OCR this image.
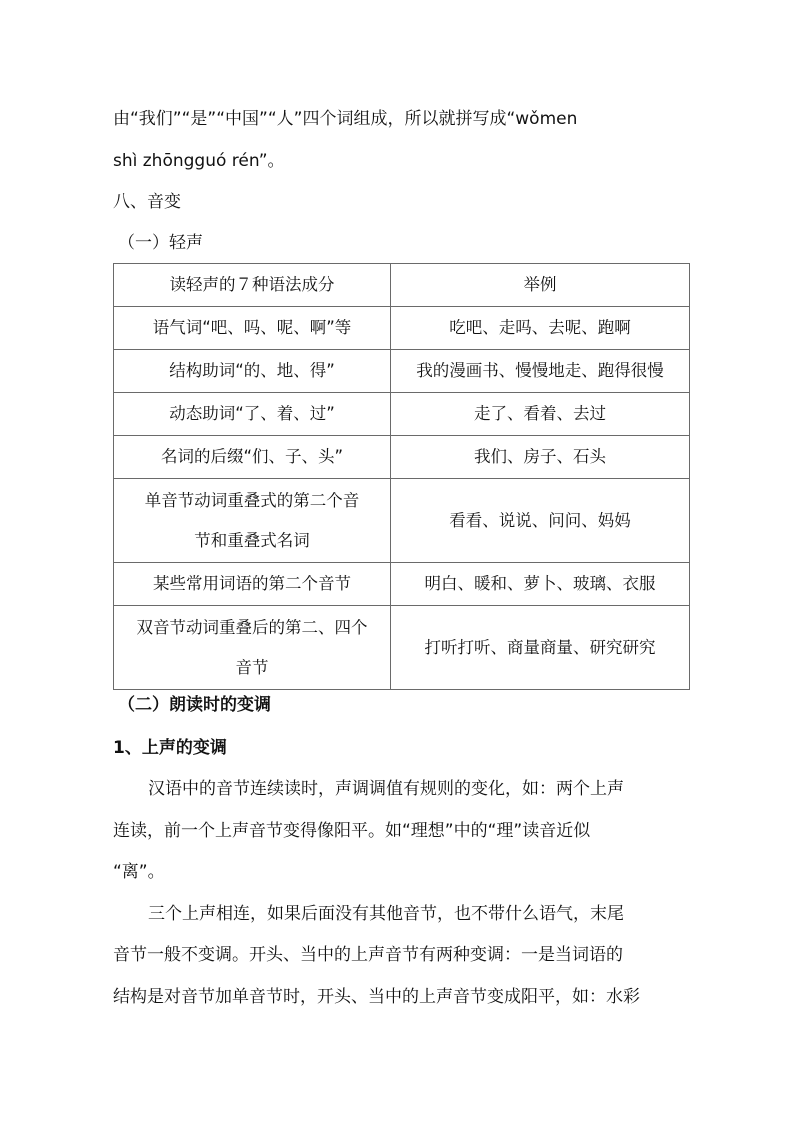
由“我们”“是”“中国”“人”四个词组成，所以就拼写成“wǒmen
shì zhōngguó rén”。
八、音变
（一）轻声
读轻声的７种语法成分	举例
语气词“吧、吗、呢、啊”等	吃吧、走吗、去呢、跑啊
结构助词“的、地、得”	我的漫画书、慢慢地走、跑得很慢
动态助词“了、着、过”	走了、看着、去过
名词的后缀“们、子、头”	我们、房子、石头

单音节动词重叠式的第二个音
节和重叠式名词	看看、说说、问问、妈妈
某些常用词语的第二个音节	明白、暖和、萝卜、玻璃、衣服

双音节动词重叠后的第二、四个
音节	打听打听、商量商量、研究研究
（二）朗读时的变调
1、上声的变调
汉语中的音节连续读时，声调调值有规则的变化，如：两个上声
连读，前一个上声音节变得像阳平。如“理想”中的“理”读音近似
“离”。
三个上声相连，如果后面没有其他音节，也不带什么语气，末尾
音节一般不变调。开头、当中的上声音节有两种变调：一是当词语的
结构是对音节加单音节时，开头、当中的上声音节变成阳平，如：水彩
